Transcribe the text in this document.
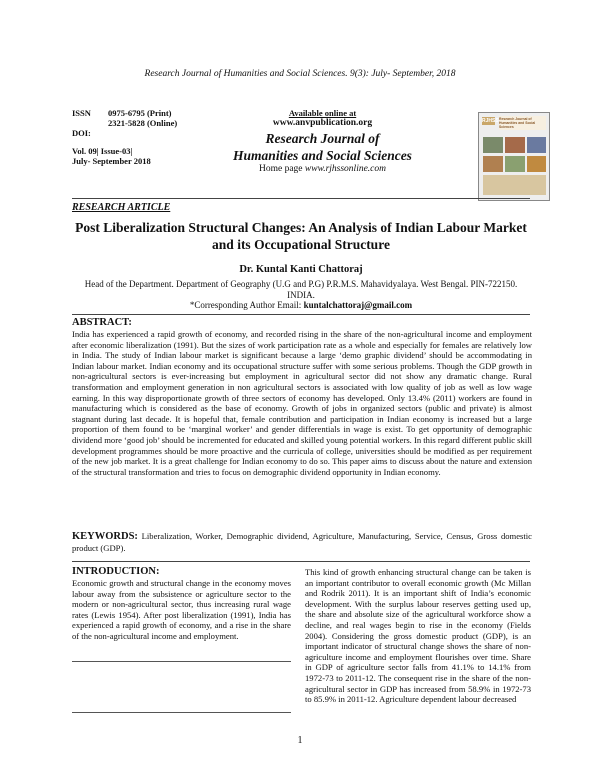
Research Journal of Humanities and Social Sciences. 9(3): July- September, 2018
ISSN 0975-6795 (Print)
2321-5828 (Online)
DOI:
Vol. 09| Issue-03|
July- September 2018
Available online at
www.anvpublication.org
Research Journal of
Humanities and Social Sciences
Home page www.rjhssonline.com
RJHSS Research Journal of Humanities and Social Sciences
RESEARCH ARTICLE
Post Liberalization Structural Changes: An Analysis of Indian Labour Market and its Occupational Structure
Dr. Kuntal Kanti Chattoraj
Head of the Department. Department of Geography (U.G and P.G) P.R.M.S. Mahavidyalaya. West Bengal. PIN-722150. INDIA.
*Corresponding Author Email: kuntalchattoraj@gmail.com
ABSTRACT:
India has experienced a rapid growth of economy, and recorded rising in the share of the non-agricultural income and employment after economic liberalization (1991). But the sizes of work participation rate as a whole and especially for females are relatively low in India. The study of Indian labour market is significant because a large ‘demo graphic dividend’ should be accommodating in Indian labour market. Indian economy and its occupational structure suffer with some serious problems. Though the GDP growth in non-agricultural sectors is ever-increasing but employment in agricultural sector did not show any dramatic change. Rural transformation and employment generation in non agricultural sectors is associated with low quality of job as well as low wage earning. In this way disproportionate growth of three sectors of economy has developed. Only 13.4% (2011) workers are found in manufacturing which is considered as the base of economy. Growth of jobs in organized sectors (public and private) is almost stagnant during last decade. It is hopeful that, female contribution and participation in Indian economy is increased but a large proportion of them found to be ‘marginal worker’ and gender differentials in wage is exist. To get opportunity of demographic dividend more ‘good job’ should be incremented for educated and skilled young potential workers. In this regard different public skill development programmes should be more proactive and the curricula of college, universities should be modified as per requirement of the new job market. It is a great challenge for Indian economy to do so. This paper aims to discuss about the nature and extension of the structural transformation and tries to focus on demographic dividend opportunity in Indian economy.
KEYWORDS: Liberalization, Worker, Demographic dividend, Agriculture, Manufacturing, Service, Census, Gross domestic product (GDP).
INTRODUCTION:
Economic growth and structural change in the economy moves labour away from the subsistence or agriculture sector to the modern or non-agricultural sector, thus increasing rural wage rates (Lewis 1954). After post liberalization (1991), India has experienced a rapid growth of economy, and a rise in the share of the non-agricultural income and employment.
This kind of growth enhancing structural change can be taken is an important contributor to overall economic growth (Mc Millan and Rodrik 2011). It is an important shift of India’s economic development. With the surplus labour reserves getting used up, the share and absolute size of the agricultural workforce show a decline, and real wages begin to rise in the economy (Fields 2004). Considering the gross domestic product (GDP), is an important indicator of structural change shows the share of non-agriculture income and employment flourishes over time. Share in GDP of agriculture sector falls from 41.1% to 14.1% from 1972-73 to 2011-12. The consequent rise in the share of the non-agricultural sector in GDP has increased from 58.9% in 1972-73 to 85.9% in 2011-12. Agriculture dependent labour decreased
1
